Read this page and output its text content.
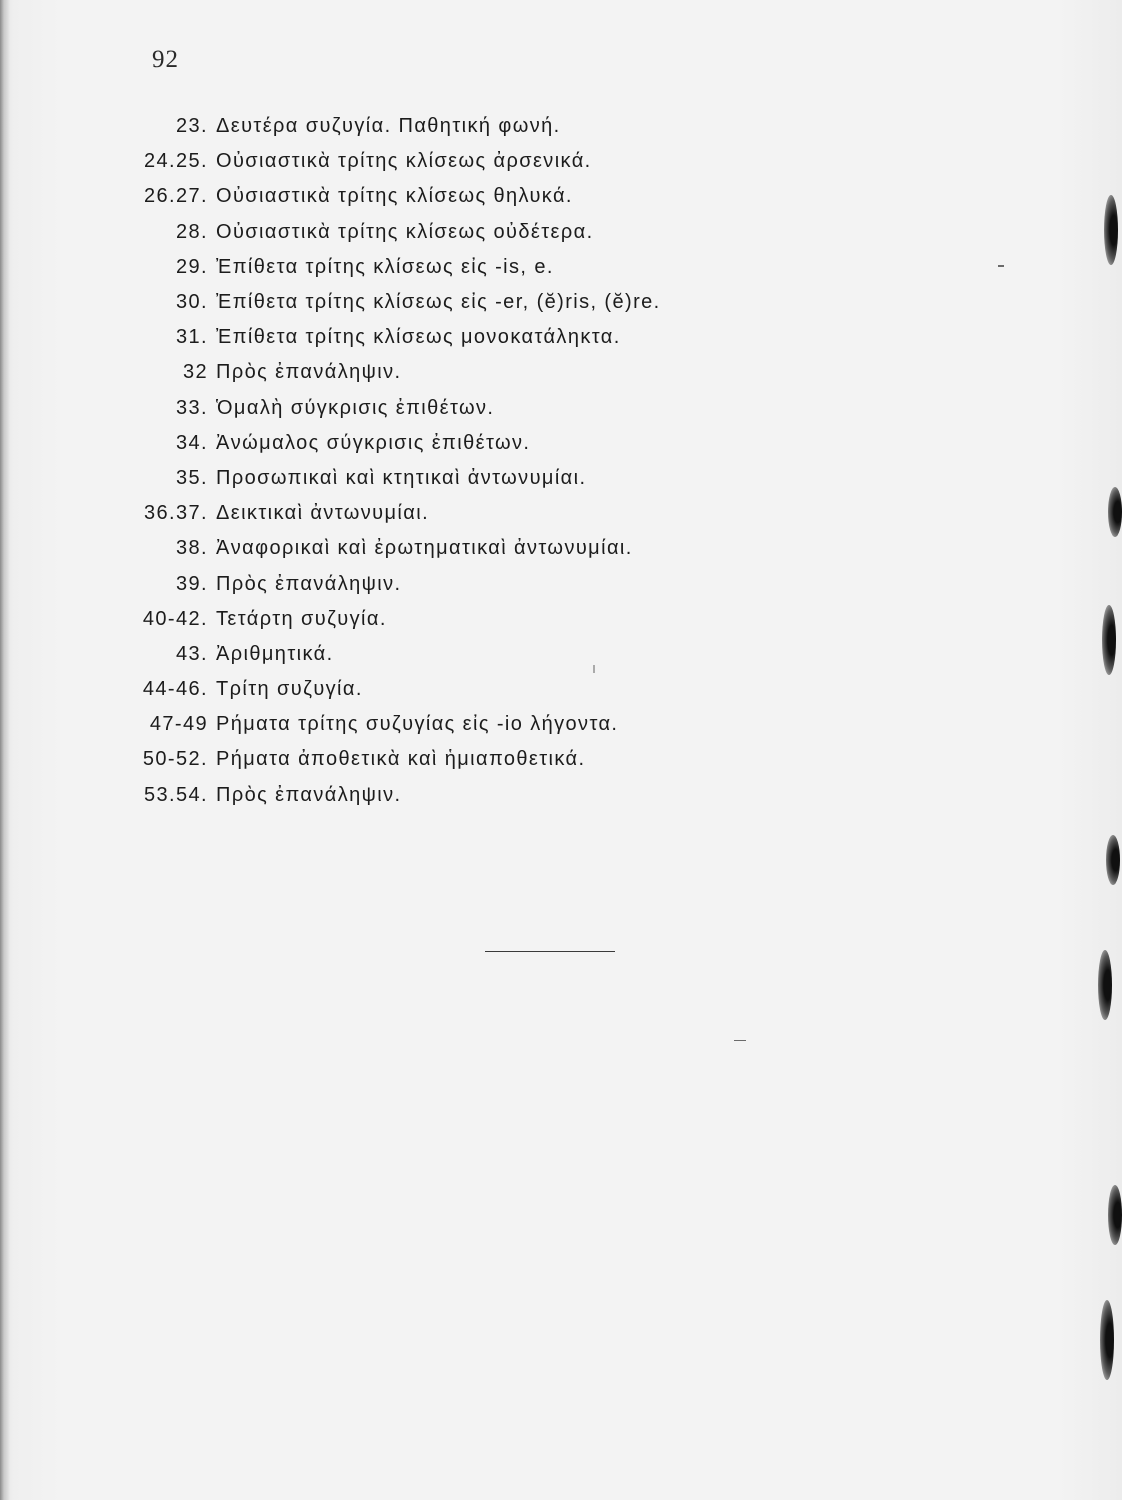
92
23. Δευτέρα συζυγία. Παθητική φωνή.
24.25. Οὐσιαστικὰ τρίτης κλίσεως ἀρσενικά.
26.27. Οὐσιαστικὰ τρίτης κλίσεως θηλυκά.
28. Οὐσιαστικὰ τρίτης κλίσεως οὐδέτερα.
29. Ἐπίθετα τρίτης κλίσεως εἰς -is, e.
30. Ἐπίθετα τρίτης κλίσεως εἰς -er, (ĕ)ris, (ĕ)re.
31. Ἐπίθετα τρίτης κλίσεως μονοκατάληκτα.
32 Πρὸς ἐπανάληψιν.
33. Ὁμαλὴ σύγκρισις ἐπιθέτων.
34. Ἀνώμαλος σύγκρισις ἐπιθέτων.
35. Προσωπικαὶ καὶ κτητικαὶ ἀντωνυμίαι.
36.37. Δεικτικαὶ ἀντωνυμίαι.
38. Ἀναφορικαὶ καὶ ἐρωτηματικαὶ ἀντωνυμίαι.
39. Πρὸς ἐπανάληψιν.
40-42. Τετάρτη συζυγία.
43. Ἀριθμητικά.
44-46. Τρίτη συζυγία.
47-49 Ρήματα τρίτης συζυγίας εἰς -io λήγοντα.
50-52. Ρήματα ἀποθετικὰ καὶ ἡμιαποθετικά.
53.54. Πρὸς ἐπανάληψιν.
